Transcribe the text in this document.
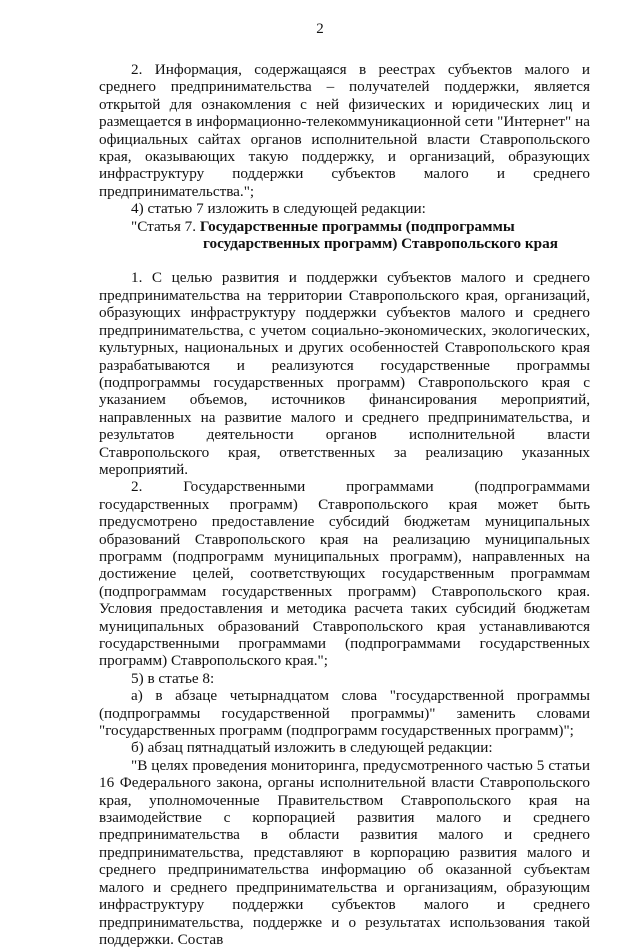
2

2. Информация, содержащаяся в реестрах субъектов малого и среднего предпринимательства – получателей поддержки, является открытой для ознакомления с ней физических и юридических лиц и размещается в информационно-телекоммуникационной сети "Интернет" на официальных сайтах органов исполнительной власти Ставропольского края, оказывающих такую поддержку, и организаций, образующих инфраструктуру поддержки субъектов малого и среднего предпринимательства.";

4) статью 7 изложить в следующей редакции:

"Статья 7. Государственные программы (подпрограммы
государственных программ) Ставропольского края

1. С целью развития и поддержки субъектов малого и среднего предпринимательства на территории Ставропольского края, организаций, образующих инфраструктуру поддержки субъектов малого и среднего предпринимательства, с учетом социально-экономических, экологических, культурных, национальных и других особенностей Ставропольского края разрабатываются и реализуются государственные программы (подпрограммы государственных программ) Ставропольского края с указанием объемов, источников финансирования мероприятий, направленных на развитие малого и среднего предпринимательства, и результатов деятельности органов исполнительной власти Ставропольского края, ответственных за реализацию указанных мероприятий.

2. Государственными программами (подпрограммами государственных программ) Ставропольского края может быть предусмотрено предоставление субсидий бюджетам муниципальных образований Ставропольского края на реализацию муниципальных программ (подпрограмм муниципальных программ), направленных на достижение целей, соответствующих государственным программам (подпрограммам государственных программ) Ставропольского края. Условия предоставления и методика расчета таких субсидий бюджетам муниципальных образований Ставропольского края устанавливаются государственными программами (подпрограммами государственных программ) Ставропольского края.";

5) в статье 8:

а) в абзаце четырнадцатом слова "государственной программы (подпрограммы государственной программы)" заменить словами "государственных программ (подпрограмм государственных программ)";

б) абзац пятнадцатый изложить в следующей редакции:

"В целях проведения мониторинга, предусмотренного частью 5 статьи 16 Федерального закона, органы исполнительной власти Ставропольского края, уполномоченные Правительством Ставропольского края на взаимодействие с корпорацией развития малого и среднего предпринимательства в области развития малого и среднего предпринимательства, представляют в корпорацию развития малого и среднего предпринимательства информацию об оказанной субъектам малого и среднего предпринимательства и организациям, образующим инфраструктуру поддержки субъектов малого и среднего предпринимательства, поддержке и о результатах использования такой поддержки. Состав
